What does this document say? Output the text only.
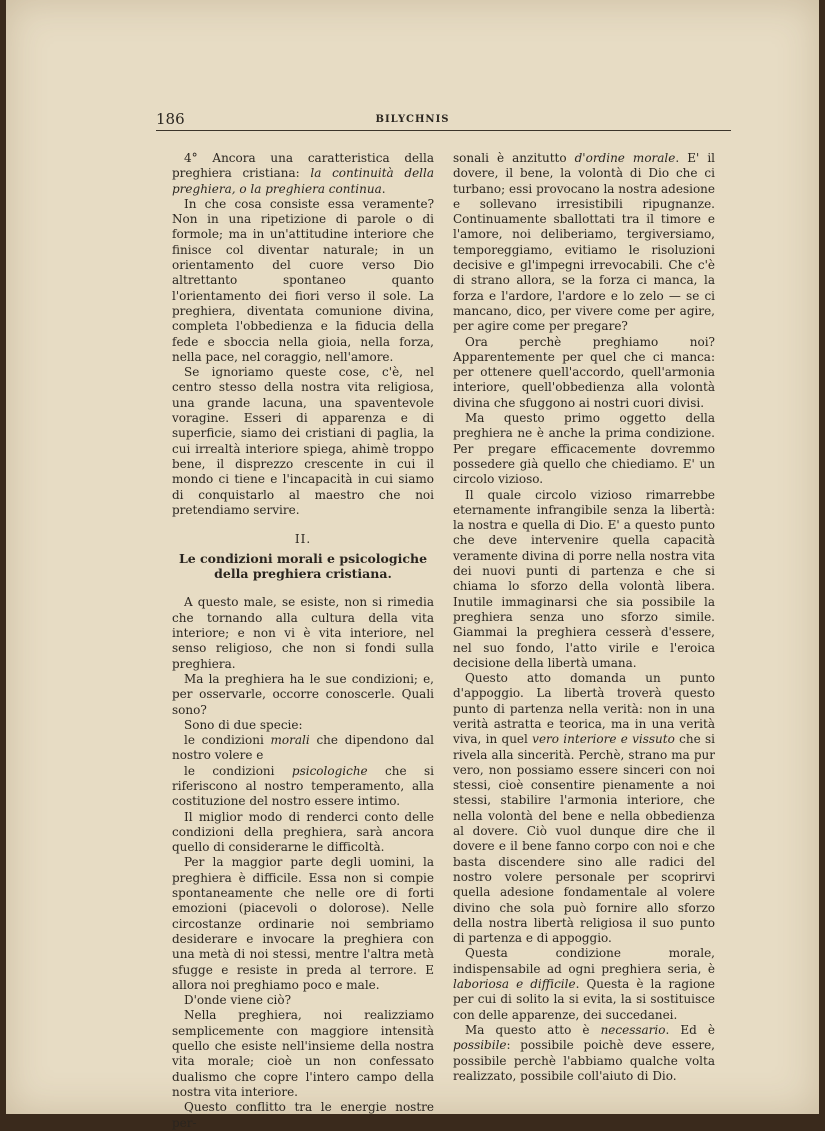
186	BILYCHNIS

4° Ancora una caratteristica della preghiera cristiana: la continuità della preghiera, o la preghiera continua.

In che cosa consiste essa veramente? Non in una ripetizione di parole o di formole; ma in un'attitudine interiore che finisce col diventar naturale; in un orientamento del cuore verso Dio altrettanto spontaneo quanto l'orientamento dei fiori verso il sole. La preghiera, diventata comunione divina, completa l'obbedienza e la fiducia della fede e sboccia nella gioia, nella forza, nella pace, nel coraggio, nell'amore.

Se ignoriamo queste cose, c'è, nel centro stesso della nostra vita religiosa, una grande lacuna, una spaventevole voragine. Esseri di apparenza e di superficie, siamo dei cristiani di paglia, la cui irrealtà interiore spiega, ahimè troppo bene, il disprezzo crescente in cui il mondo ci tiene e l'incapacità in cui siamo di conquistarlo al maestro che noi pretendiamo servire.

II.
Le condizioni morali e psicologiche della preghiera cristiana.

A questo male, se esiste, non si rimedia che tornando alla cultura della vita interiore; e non vi è vita interiore, nel senso religioso, che non si fondi sulla preghiera.

Ma la preghiera ha le sue condizioni; e, per osservarle, occorre conoscerle. Quali sono?

Sono di due specie:

le condizioni morali che dipendono dal nostro volere e

le condizioni psicologiche che si riferiscono al nostro temperamento, alla costituzione del nostro essere intimo.

Il miglior modo di renderci conto delle condizioni della preghiera, sarà ancora quello di considerarne le difficoltà.

Per la maggior parte degli uomini, la preghiera è difficile. Essa non si compie spontaneamente che nelle ore di forti emozioni (piacevoli o dolorose). Nelle circostanze ordinarie noi sembriamo desiderare e invocare la preghiera con una metà di noi stessi, mentre l'altra metà sfugge e resiste in preda al terrore. E allora noi preghiamo poco e male.

D'onde viene ciò?

Nella preghiera, noi realizziamo semplicemente con maggiore intensità quello che esiste nell'insieme della nostra vita morale; cioè un non confessato dualismo che copre l'intero campo della nostra vita interiore.

Questo conflitto tra le energie nostre per-

sonali è anzitutto d'ordine morale. E' il dovere, il bene, la volontà di Dio che ci turbano; essi provocano la nostra adesione e sollevano irresistibili ripugnanze. Continuamente sballottati tra il timore e l'amore, noi deliberiamo, tergiversiamo, temporeggiamo, evitiamo le risoluzioni decisive e gl'impegni irrevocabili. Che c'è di strano allora, se la forza ci manca, la forza e l'ardore, l'ardore e lo zelo — se ci mancano, dico, per vivere come per agire, per agire come per pregare?

Ora perchè preghiamo noi? Apparentemente per quel che ci manca: per ottenere quell'accordo, quell'armonia interiore, quell'obbedienza alla volontà divina che sfuggono ai nostri cuori divisi.

Ma questo primo oggetto della preghiera ne è anche la prima condizione. Per pregare efficacemente dovremmo possedere già quello che chiediamo. E' un circolo vizioso.

Il quale circolo vizioso rimarrebbe eternamente infrangibile senza la libertà: la nostra e quella di Dio. E' a questo punto che deve intervenire quella capacità veramente divina di porre nella nostra vita dei nuovi punti di partenza e che si chiama lo sforzo della volontà libera. Inutile immaginarsi che sia possibile la preghiera senza uno sforzo simile. Giammai la preghiera cesserà d'essere, nel suo fondo, l'atto virile e l'eroica decisione della libertà umana.

Questo atto domanda un punto d'appoggio. La libertà troverà questo punto di partenza nella verità: non in una verità astratta e teorica, ma in una verità viva, in quel vero interiore e vissuto che si rivela alla sincerità. Perchè, strano ma pur vero, non possiamo essere sinceri con noi stessi, cioè consentire pienamente a noi stessi, stabilire l'armonia interiore, che nella volontà del bene e nella obbedienza al dovere. Ciò vuol dunque dire che il dovere e il bene fanno corpo con noi e che basta discendere sino alle radici del nostro volere personale per scoprirvi quella adesione fondamentale al volere divino che sola può fornire allo sforzo della nostra libertà religiosa il suo punto di partenza e di appoggio.

Questa condizione morale, indispensabile ad ogni preghiera seria, è laboriosa e difficile. Questa è la ragione per cui di solito la si evita, la si sostituisce con delle apparenze, dei succedanei.

Ma questo atto è necessario. Ed è possibile: possibile poichè deve essere, possibile perchè l'abbiamo qualche volta realizzato, possibile coll'aiuto di Dio.
